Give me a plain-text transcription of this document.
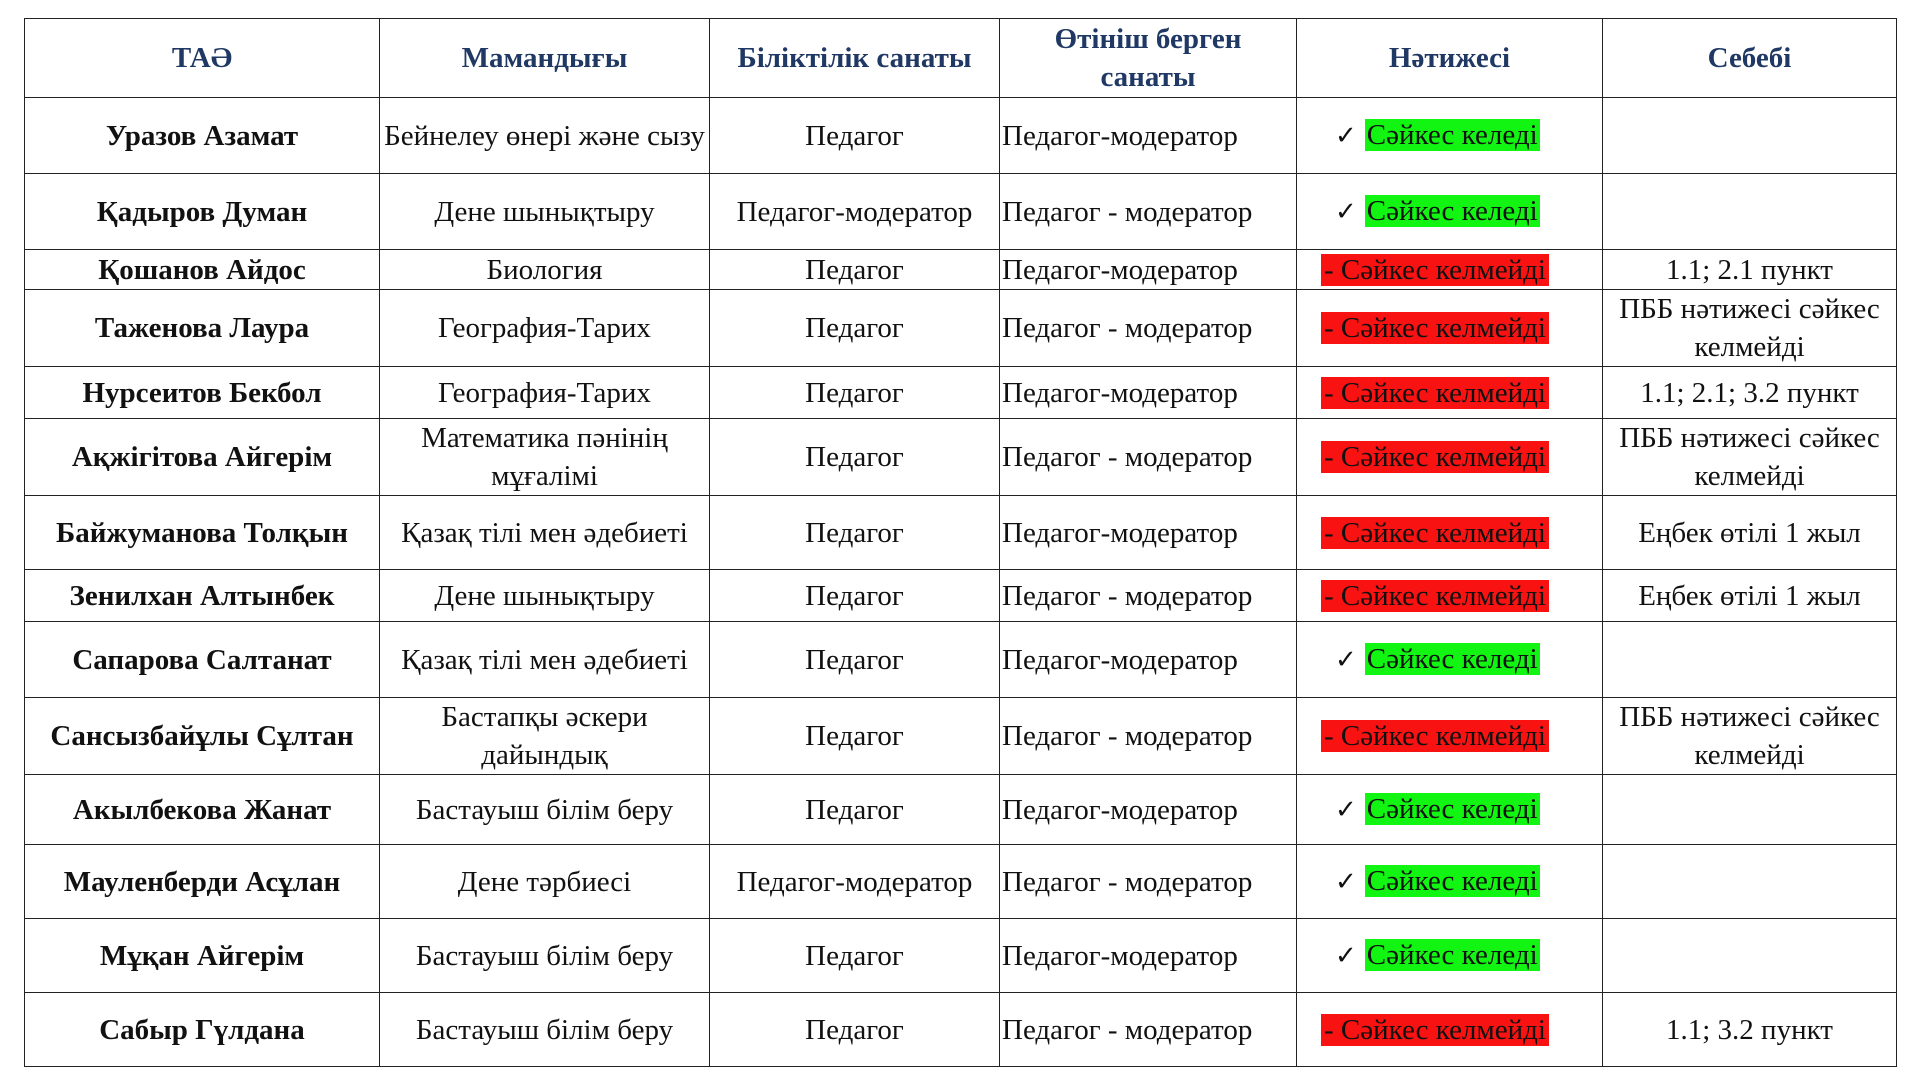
ТАӘ	Мамандығы	Біліктілік санаты	Өтініш берген санаты	Нәтижесі	Себебі
Уразов Азамат	Бейнелеу өнері және сызу	Педагог	Педагог-модератор	✓ Сәйкес келеді	
Қадыров Думан	Дене шынықтыру	Педагог-модератор	Педагог - модератор	✓ Сәйкес келеді	
Қошанов Айдос	Биология	Педагог	Педагог-модератор	- Сәйкес келмейді	1.1; 2.1 пункт
Таженова Лаура	География-Тарих	Педагог	Педагог - модератор	- Сәйкес келмейді	ПББ нәтижесі сәйкес келмейді
Нурсеитов Бекбол	География-Тарих	Педагог	Педагог-модератор	- Сәйкес келмейді	1.1; 2.1; 3.2 пункт
Ақжігітова Айгерім	Математика пәнінің мұғалімі	Педагог	Педагог - модератор	- Сәйкес келмейді	ПББ нәтижесі сәйкес келмейді
Байжуманова Толқын	Қазақ тілі мен әдебиеті	Педагог	Педагог-модератор	- Сәйкес келмейді	Еңбек өтілі 1 жыл
Зенилхан Алтынбек	Дене шынықтыру	Педагог	Педагог - модератор	- Сәйкес келмейді	Еңбек өтілі 1 жыл
Сапарова Салтанат	Қазақ тілі мен әдебиеті	Педагог	Педагог-модератор	✓ Сәйкес келеді	
Сансызбайұлы Сұлтан	Бастапқы әскери дайындық	Педагог	Педагог - модератор	- Сәйкес келмейді	ПББ нәтижесі сәйкес келмейді
Акылбекова Жанат	Бастауыш білім беру	Педагог	Педагог-модератор	✓ Сәйкес келеді	
Мауленберди Асұлан	Дене тәрбиесі	Педагог-модератор	Педагог - модератор	✓ Сәйкес келеді	
Мұқан Айгерім	Бастауыш білім беру	Педагог	Педагог-модератор	✓ Сәйкес келеді	
Сабыр Гүлдана	Бастауыш білім беру	Педагог	Педагог - модератор	- Сәйкес келмейді	1.1; 3.2 пункт
